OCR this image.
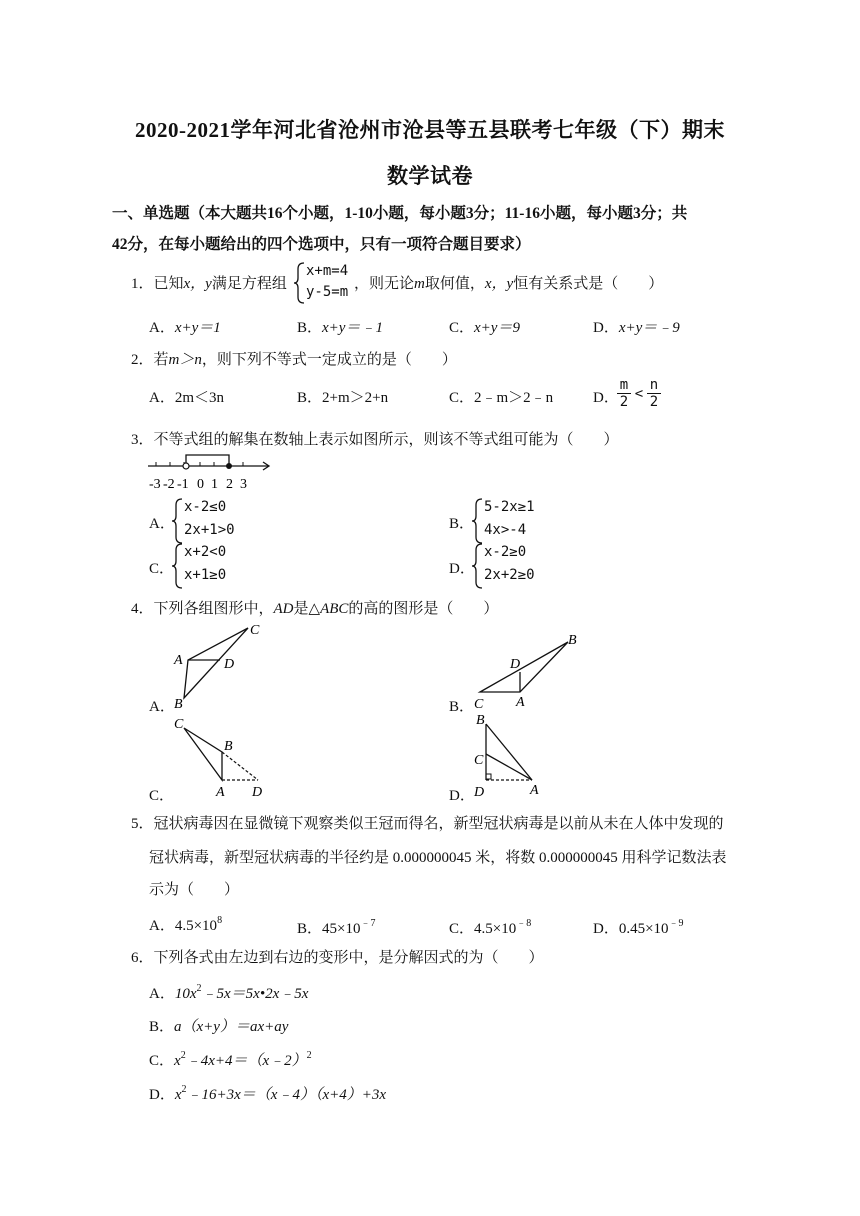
2020-2021学年河北省沧州市沧县等五县联考七年级（下）期末
数学试卷
一、单选题（本大题共16个小题，1-10小题，每小题3分；11-16小题，每小题3分；共
42分，在每小题给出的四个选项中，只有一项符合题目要求）
1．已知x，y满足方程组
x+m=4
y-5=m ，则无论m取何值，x，y恒有关系式是（　　）
A．x+y＝1	B．x+y＝﹣1	C．x+y＝9	D．x+y＝﹣9
2．若m＞n，则下列不等式一定成立的是（　　）
A．2m＜3n	B．2+m＞2+n	C．2﹣m＞2﹣n	D．
$\frac{m}{2} < \frac{n}{2}$
3．不等式组的解集在数轴上表示如图所示，则该不等式组可能为（　　）
-3 -2 -1 0 1 2 3
A．
x-2≤0
2x+1>0	B．
5-2x≥1
4x>-4
C．
x+2<0
x+1≥0	D．
x-2≥0
2x+2≥0
4．下列各组图形中，AD是△ABC的高的图形是（　　）
A．
A
B
C
D
B． C A
B
D
C．
C
B
A D	D．
B
C
D	A
5．冠状病毒因在显微镜下观察类似王冠而得名，新型冠状病毒是以前从未在人体中发现的
冠状病毒，新型冠状病毒的半径约是 0.000000045 米，将数 0.000000045 用科学记数法表
示为（　　）
A．$4.5\times 10^8$
B．$45\times 10^{﹣7}$	C．$4.5\times 10^{﹣8}$	D．$0.45\times 10^{﹣9}$
6．下列各式由左边到右边的变形中，是分解因式的为（　　）
A．$10x^2﹣5x=5x•2x﹣5x$
B．a（x+y）＝ax+ay
C．$x^2﹣4x+4=(x﹣2)^2$
D．$x^2﹣16+3x=(x﹣4)(x+4)+3x$
